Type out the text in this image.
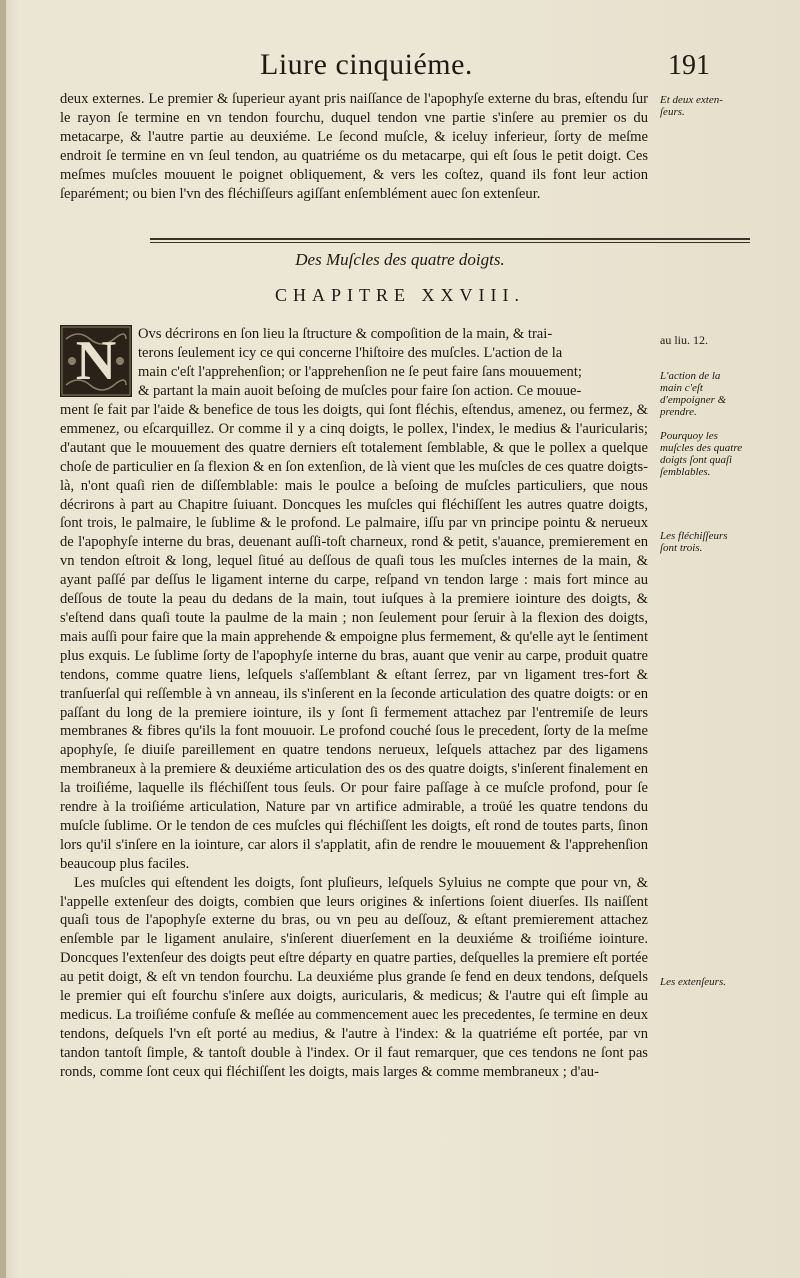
Liure cinquiéme.	191

deux externes. Le premier & ſuperieur ayant pris naiſſance de l'apophyſe externe du bras, eſtendu ſur le rayon ſe termine en vn tendon fourchu, duquel tendon vne partie s'inſere au premier os du metacarpe, & l'autre partie au deuxiéme. Le ſecond muſcle, & iceluy inferieur, ſorty de meſme endroit ſe termine en vn ſeul tendon, au quatriéme os du metacarpe, qui eſt ſous le petit doigt. Ces meſmes muſcles mouuent le poignet obliquement, & vers les coſtez, quand ils font leur action ſeparément; ou bien l'vn des fléchiſſeurs agiſſant enſemblément auec ſon extenſeur.

Des Muſcles des quatre doigts.
CHAPITRE XXVIII.
N	au liu. 12.
Ovs décrirons en ſon lieu la ſtructure & compoſition de la main, & trai-
terons ſeulement icy ce qui concerne l'hiſtoire des muſcles. L'action de la
main c'eſt l'apprehenſion; or l'apprehenſion ne ſe peut faire ſans mouuement;
& partant la main auoit beſoing de muſcles pour faire ſon action. Ce mouue-

ment ſe fait par l'aide & benefice de tous les doigts, qui ſont fléchis, eſtendus, amenez, ou fermez, & emmenez, ou eſcarquillez. Or comme il y a cinq doigts, le pollex, l'index, le medius & l'auricularis; d'autant que le mouuement des quatre derniers eſt totalement ſemblable, & que le pollex a quelque choſe de particulier en ſa flexion & en ſon extenſion, de là vient que les muſcles de ces quatre doigts-là, n'ont quaſi rien de diſſemblable: mais le poulce a beſoing de muſcles particuliers, que nous décrirons à part au Chapitre ſuiuant. Doncques les muſcles qui fléchiſſent les autres quatre doigts, ſont trois, le palmaire, le ſublime & le profond. Le palmaire, iſſu par vn principe pointu & nerueux de l'apophyſe interne du bras, deuenant auſſi-toſt charneux, rond & petit, s'auance, premierement en vn tendon eſtroit & long, lequel ſitué au deſſous de quaſi tous les muſcles internes de la main, & ayant paſſé par deſſus le ligament interne du carpe, reſpand vn tendon large : mais fort mince au deſſous de toute la peau du dedans de la main, tout iuſques à la premiere iointure des doigts, & s'eſtend dans quaſi toute la paulme de la main ; non ſeulement pour ſeruir à la flexion des doigts, mais auſſi pour faire que la main apprehende & empoigne plus fermement, & qu'elle ayt le ſentiment plus exquis. Le ſublime ſorty de l'apophyſe interne du bras, auant que venir au carpe, produit quatre tendons, comme quatre liens, leſquels s'aſſemblant & eſtant ſerrez, par vn ligament tres-fort & tranſuerſal qui reſſemble à vn anneau, ils s'inſerent en la ſeconde articulation des quatre doigts: or en paſſant du long de la premiere iointure, ils y ſont ſi fermement attachez par l'entremiſe de leurs membranes & fibres qu'ils la font mouuoir. Le profond couché ſous le precedent, ſorty de la meſme apophyſe, ſe diuiſe pareillement en quatre tendons nerueux, leſquels attachez par des ligamens membraneux à la premiere & deuxiéme articulation des os des quatre doigts, s'inſerent finalement en la troiſiéme, laquelle ils fléchiſſent tous ſeuls. Or pour faire paſſage à ce muſcle profond, pour ſe rendre à la troiſiéme articulation, Nature par vn artifice admirable, a troüé les quatre tendons du muſcle ſublime. Or le tendon de ces muſcles qui fléchiſſent les doigts, eſt rond de toutes parts, ſinon lors qu'il s'inſere en la iointure, car alors il s'applatit, afin de rendre le mouuement & l'apprehenſion beaucoup plus faciles.

Les muſcles qui eſtendent les doigts, ſont pluſieurs, leſquels Syluius ne compte que pour vn, & l'appelle extenſeur des doigts, combien que leurs origines & inſertions ſoient diuerſes. Ils naiſſent quaſi tous de l'apophyſe externe du bras, ou vn peu au deſſouz, & eſtant premierement attachez enſemble par le ligament anulaire, s'inſerent diuerſement en la deuxiéme & troiſiéme iointure. Doncques l'extenſeur des doigts peut eſtre départy en quatre parties, deſquelles la premiere eſt portée au petit doigt, & eſt vn tendon fourchu. La deuxiéme plus grande ſe fend en deux tendons, deſquels le premier qui eſt fourchu s'inſere aux doigts, auricularis, & medicus; & l'autre qui eſt ſimple au medicus. La troiſiéme confuſe & meſlée au commencement auec les precedentes, ſe termine en deux tendons, deſquels l'vn eſt porté au medius, & l'autre à l'index: & la quatriéme eſt portée, par vn tandon tantoſt ſimple, & tantoſt double à l'index. Or il faut remarquer, que ces tendons ne ſont pas ronds, comme ſont ceux qui fléchiſſent les doigts, mais larges & comme membraneux ; d'au-

Et deux exten-ſeurs.
L'action de la main c'eſt d'empoigner & prendre.
Pourquoy les muſcles des quatre doigts ſont quaſi ſemblables.
Les fléchiſſeurs ſont trois.
Les extenſeurs.
